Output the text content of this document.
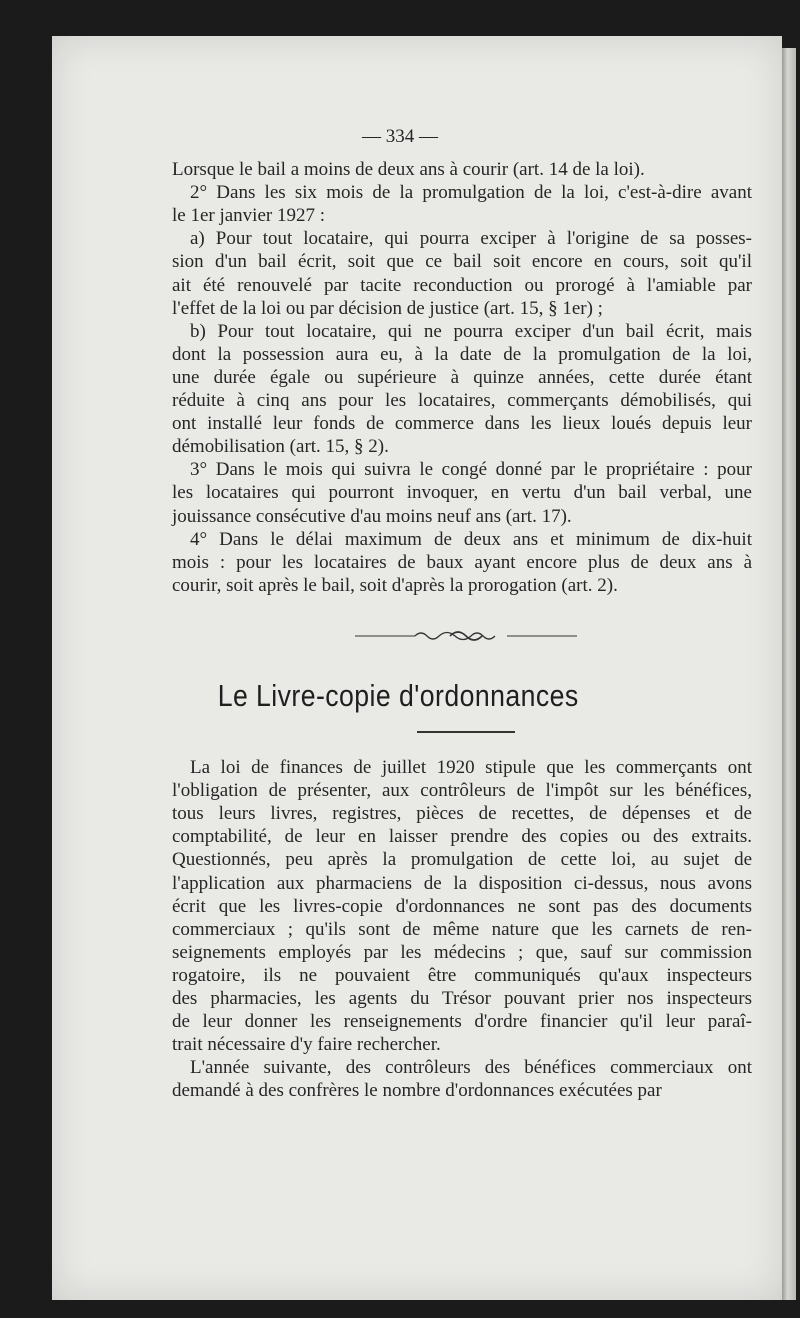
— 334 —
Lorsque le bail a moins de deux ans à courir (art. 14 de la loi).
2° Dans les six mois de la promulgation de la loi, c'est-à-dire avant
le 1er janvier 1927 :
a) Pour tout locataire, qui pourra exciper à l'origine de sa posses-
sion d'un bail écrit, soit que ce bail soit encore en cours, soit qu'il
ait été renouvelé par tacite reconduction ou prorogé à l'amiable par
l'effet de la loi ou par décision de justice (art. 15, § 1er) ;
b) Pour tout locataire, qui ne pourra exciper d'un bail écrit, mais
dont la possession aura eu, à la date de la promulgation de la loi,
une durée égale ou supérieure à quinze années, cette durée étant
réduite à cinq ans pour les locataires, commerçants démobilisés, qui
ont installé leur fonds de commerce dans les lieux loués depuis leur
démobilisation (art. 15, § 2).
3° Dans le mois qui suivra le congé donné par le propriétaire : pour
les locataires qui pourront invoquer, en vertu d'un bail verbal, une
jouissance consécutive d'au moins neuf ans (art. 17).
4° Dans le délai maximum de deux ans et minimum de dix-huit
mois : pour les locataires de baux ayant encore plus de deux ans à
courir, soit après le bail, soit d'après la prorogation (art. 2).
Le Livre-copie d'ordonnances
La loi de finances de juillet 1920 stipule que les commerçants ont
l'obligation de présenter, aux contrôleurs de l'impôt sur les bénéfices,
tous leurs livres, registres, pièces de recettes, de dépenses et de
comptabilité, de leur en laisser prendre des copies ou des extraits.
Questionnés, peu après la promulgation de cette loi, au sujet de
l'application aux pharmaciens de la disposition ci-dessus, nous avons
écrit que les livres-copie d'ordonnances ne sont pas des documents
commerciaux ; qu'ils sont de même nature que les carnets de ren-
seignements employés par les médecins ; que, sauf sur commission
rogatoire, ils ne pouvaient être communiqués qu'aux inspecteurs
des pharmacies, les agents du Trésor pouvant prier nos inspecteurs
de leur donner les renseignements d'ordre financier qu'il leur paraî-
trait nécessaire d'y faire rechercher.
L'année suivante, des contrôleurs des bénéfices commerciaux ont
demandé à des confrères le nombre d'ordonnances exécutées par
